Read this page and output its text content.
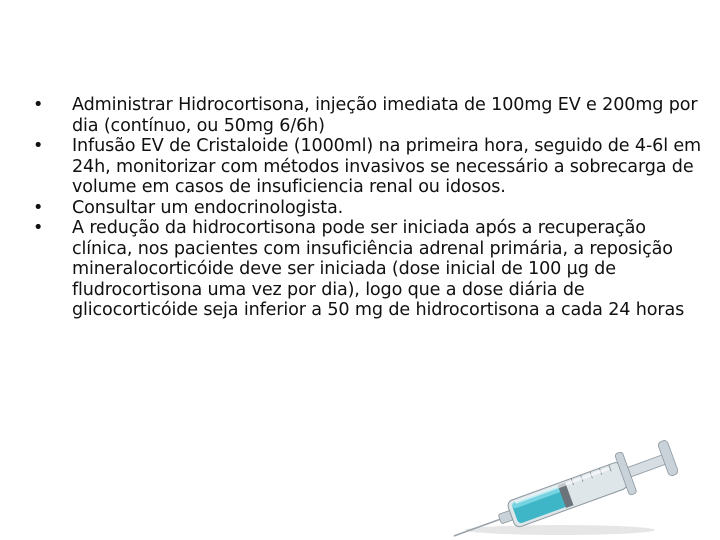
• Administrar Hidrocortisona, injeção imediata de 100mg EV e 200mg por dia (contínuo, ou 50mg 6/6h)
• Infusão EV de Cristaloide (1000ml) na primeira hora, seguido de 4-6l em 24h, monitorizar com métodos invasivos se necessário a sobrecarga de volume em casos de insuficiencia renal ou idosos.
• Consultar um endocrinologista.
• A redução da hidrocortisona pode ser iniciada após a recuperação clínica, nos pacientes com insuficiência adrenal primária, a reposição mineralocorticóide deve ser iniciada (dose inicial de 100 µg de fludrocortisona uma vez por dia), logo que a dose diária de glicocorticóide seja inferior a 50 mg de hidrocortisona a cada 24 horas
